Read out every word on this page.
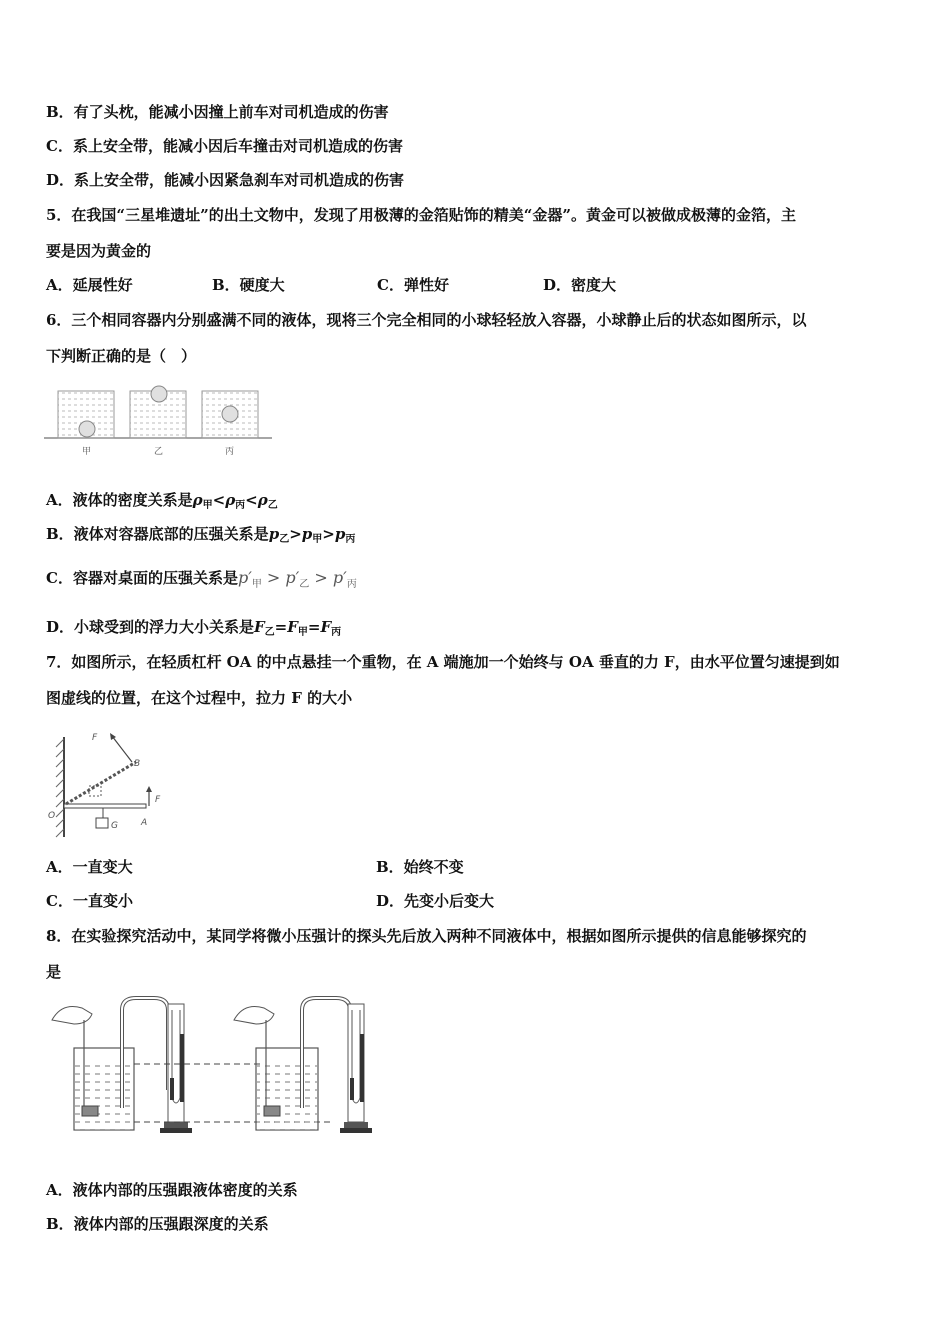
B．有了头枕，能减小因撞上前车对司机造成的伤害
C．系上安全带，能减小因后车撞击对司机造成的伤害
D．系上安全带，能减小因紧急刹车对司机造成的伤害
5．在我国“三星堆遗址”的出土文物中，发现了用极薄的金箔贴饰的精美“金器”。黄金可以被做成极薄的金箔，主
要是因为黄金的
A．延展性好	B．硬度大	C．弹性好	D．密度大
6．三个相同容器内分别盛满不同的液体，现将三个完全相同的小球轻轻放入容器，小球静止后的状态如图所示，以
下判断正确的是（　）
甲	乙	丙
A．液体的密度关系是$\rho_甲<\rho_丙<\rho_乙$
B．液体对容器底部的压强关系是$p_乙>p_甲>p_丙$
C．容器对桌面的压强关系是$p'_甲 > p'_乙 > p'_丙$
D．小球受到的浮力大小关系是$F_乙=F_甲=F_丙$
7．如图所示，在轻质杠杆 OA 的中点悬挂一个重物，在 A 端施加一个始终与 OA 垂直的力 F，由水平位置匀速提到如
图虚线的位置，在这个过程中，拉力 F 的大小
F
B
F
O
G	A
A．一直变大	B．始终不变
C．一直变小	D．先变小后变大
8．在实验探究活动中，某同学将微小压强计的探头先后放入两种不同液体中，根据如图所示提供的信息能够探究的
是
A．液体内部的压强跟液体密度的关系
B．液体内部的压强跟深度的关系
